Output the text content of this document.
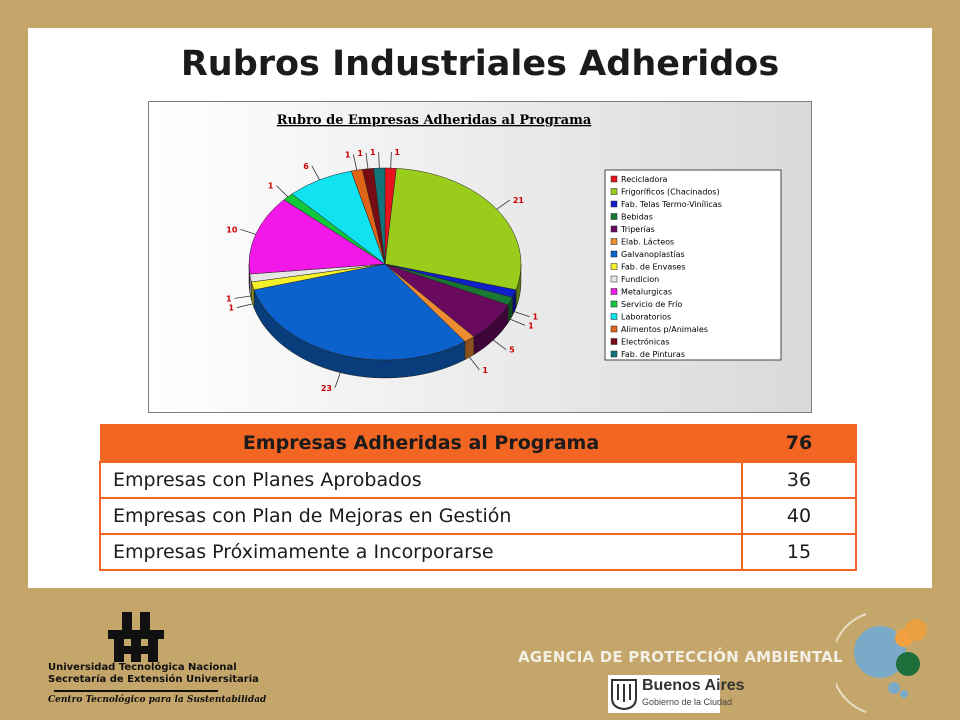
Rubros Industriales Adheridos
Rubro de Empresas Adheridas al Programa
1
21
1
1
5
1
23
1
1
10
1
6
1 1 1
Recicladora
Frigoríficos (Chacinados)
Fab. Telas Termo-Vinílicas
Bebidas
Triperías
Elab. Lácteos
Galvanoplastías
Fab. de Envases
Fundicion
Metalurgicas
Servicio de Frío
Laboratorios
Alimentos p/Animales
Electrónicas
Fab. de Pinturas
Empresas Adheridas al Programa	76
Empresas con Planes Aprobados	36
Empresas con Plan de Mejoras en Gestión	40
Empresas Próximamente a Incorporarse	15
Universidad Tecnológica Nacional
Secretaría de Extensión Universitaria
Centro Tecnológico para la Sustentabilidad
AGENCIA DE PROTECCIÓN AMBIENTAL
Buenos Aires
Gobierno de la Ciudad
